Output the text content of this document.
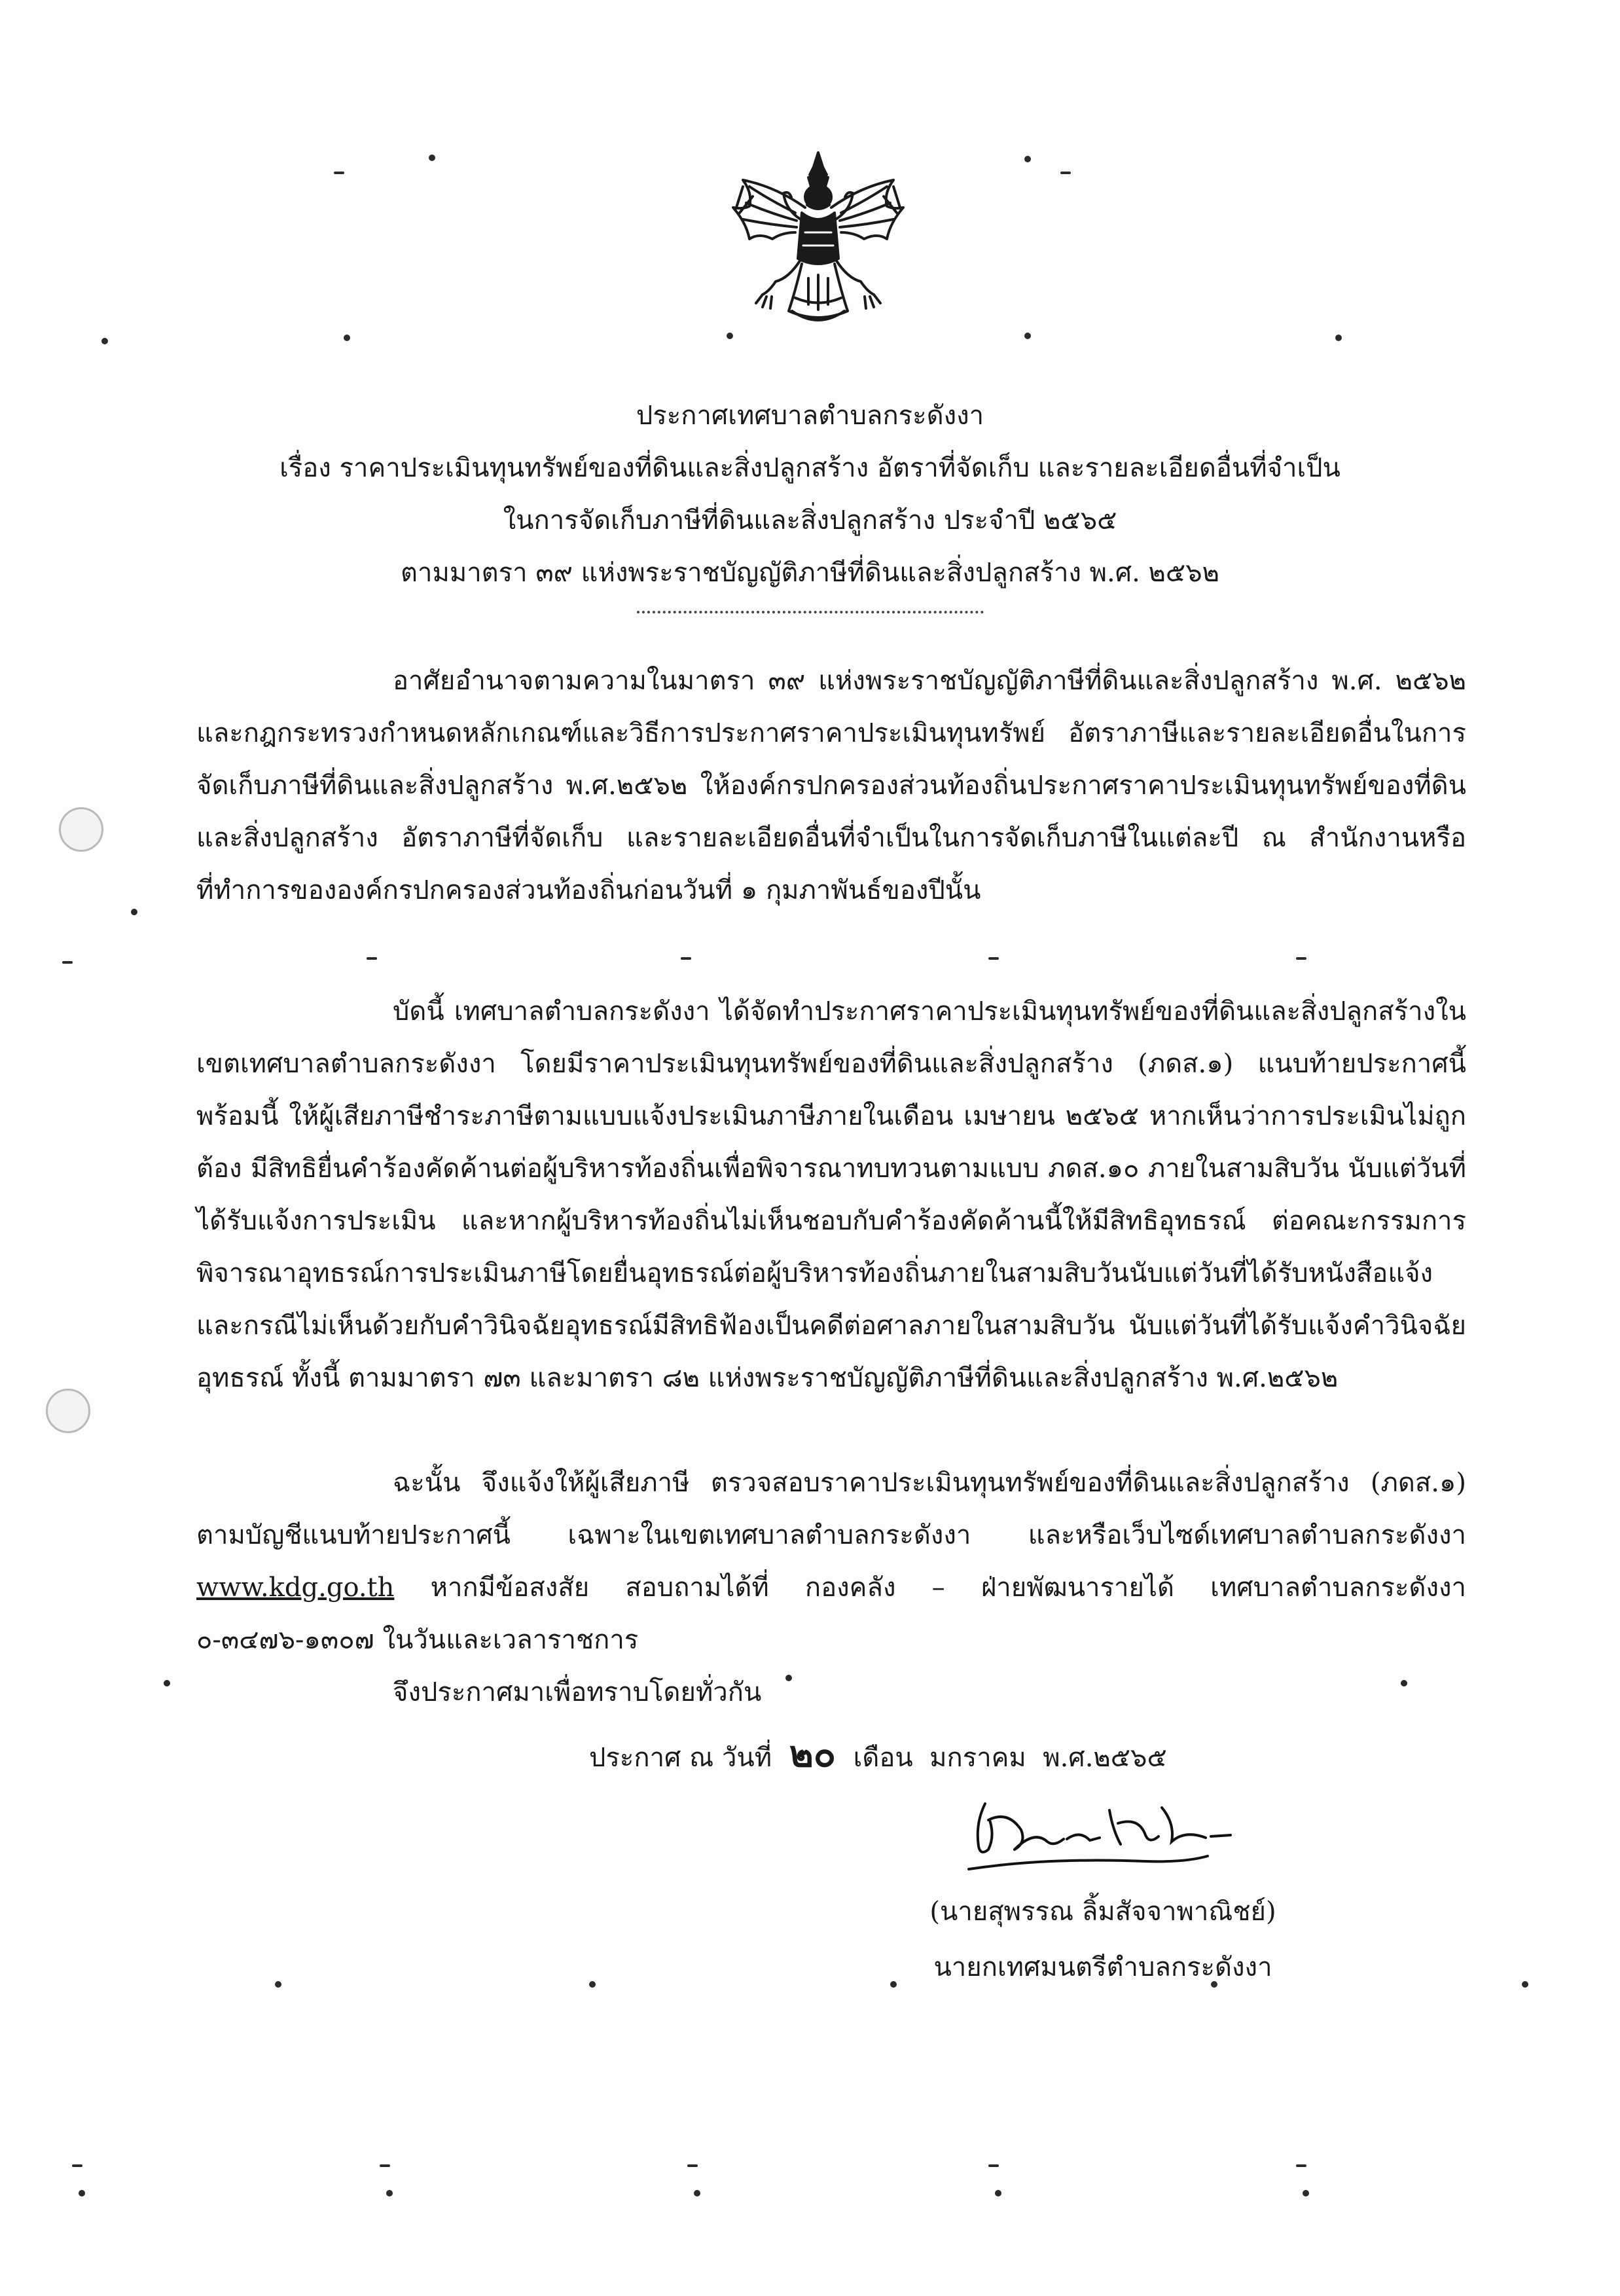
ประกาศเทศบาลตำบลกระดังงา
เรื่อง ราคาประเมินทุนทรัพย์ของที่ดินและสิ่งปลูกสร้าง อัตราที่จัดเก็บ และรายละเอียดอื่นที่จำเป็น
ในการจัดเก็บภาษีที่ดินและสิ่งปลูกสร้าง ประจำปี ๒๕๖๕
ตามมาตรา ๓๙ แห่งพระราชบัญญัติภาษีที่ดินและสิ่งปลูกสร้าง พ.ศ. ๒๕๖๒
อาศัยอำนาจตามความในมาตรา ๓๙ แห่งพระราชบัญญัติภาษีที่ดินและสิ่งปลูกสร้าง พ.ศ. ๒๕๖๒ และกฎกระทรวงกำหนดหลักเกณฑ์และวิธีการประกาศราคาประเมินทุนทรัพย์ อัตราภาษีและรายละเอียดอื่นในการจัดเก็บภาษีที่ดินและสิ่งปลูกสร้าง พ.ศ.๒๕๖๒ ให้องค์กรปกครองส่วนท้องถิ่นประกาศราคาประเมินทุนทรัพย์ของที่ดินและสิ่งปลูกสร้าง อัตราภาษีที่จัดเก็บ และรายละเอียดอื่นที่จำเป็นในการจัดเก็บภาษีในแต่ละปี ณ สำนักงานหรือที่ทำการขององค์กรปกครองส่วนท้องถิ่นก่อนวันที่ ๑ กุมภาพันธ์ของปีนั้น
บัดนี้ เทศบาลตำบลกระดังงา ได้จัดทำประกาศราคาประเมินทุนทรัพย์ของที่ดินและสิ่งปลูกสร้างในเขตเทศบาลตำบลกระดังงา โดยมีราคาประเมินทุนทรัพย์ของที่ดินและสิ่งปลูกสร้าง (ภดส.๑) แนบท้ายประกาศนี้ พร้อมนี้ ให้ผู้เสียภาษีชำระภาษีตามแบบแจ้งประเมินภาษีภายในเดือน เมษายน ๒๕๖๕ หากเห็นว่าการประเมินไม่ถูกต้อง มีสิทธิยื่นคำร้องคัดค้านต่อผู้บริหารท้องถิ่นเพื่อพิจารณาทบทวนตามแบบ ภดส.๑๐ ภายในสามสิบวัน นับแต่วันที่ได้รับแจ้งการประเมิน และหากผู้บริหารท้องถิ่นไม่เห็นชอบกับคำร้องคัดค้านนี้ให้มีสิทธิอุทธรณ์ ต่อคณะกรรมการพิจารณาอุทธรณ์การประเมินภาษีโดยยื่นอุทธรณ์ต่อผู้บริหารท้องถิ่นภายในสามสิบวันนับแต่วันที่ได้รับหนังสือแจ้ง และกรณีไม่เห็นด้วยกับคำวินิจฉัยอุทธรณ์มีสิทธิฟ้องเป็นคดีต่อศาลภายในสามสิบวัน นับแต่วันที่ได้รับแจ้งคำวินิจฉัยอุทธรณ์ ทั้งนี้ ตามมาตรา ๗๓ และมาตรา ๘๒ แห่งพระราชบัญญัติภาษีที่ดินและสิ่งปลูกสร้าง พ.ศ.๒๕๖๒
ฉะนั้น จึงแจ้งให้ผู้เสียภาษี ตรวจสอบราคาประเมินทุนทรัพย์ของที่ดินและสิ่งปลูกสร้าง (ภดส.๑) ตามบัญชีแนบท้ายประกาศนี้ เฉพาะในเขตเทศบาลตำบลกระดังงา และหรือเว็บไซด์เทศบาลตำบลกระดังงา www.kdg.go.th หากมีข้อสงสัย สอบถามได้ที่ กองคลัง – ฝ่ายพัฒนารายได้ เทศบาลตำบลกระดังงา ๐-๓๔๗๖-๑๓๐๗ ในวันและเวลาราชการ
จึงประกาศมาเพื่อทราบโดยทั่วกัน
ประกาศ ณ วันที่ ๒๐ เดือน มกราคม พ.ศ.๒๕๖๕
(นายสุพรรณ ลิ้มสัจจาพาณิชย์)
นายกเทศมนตรีตำบลกระดังงา
